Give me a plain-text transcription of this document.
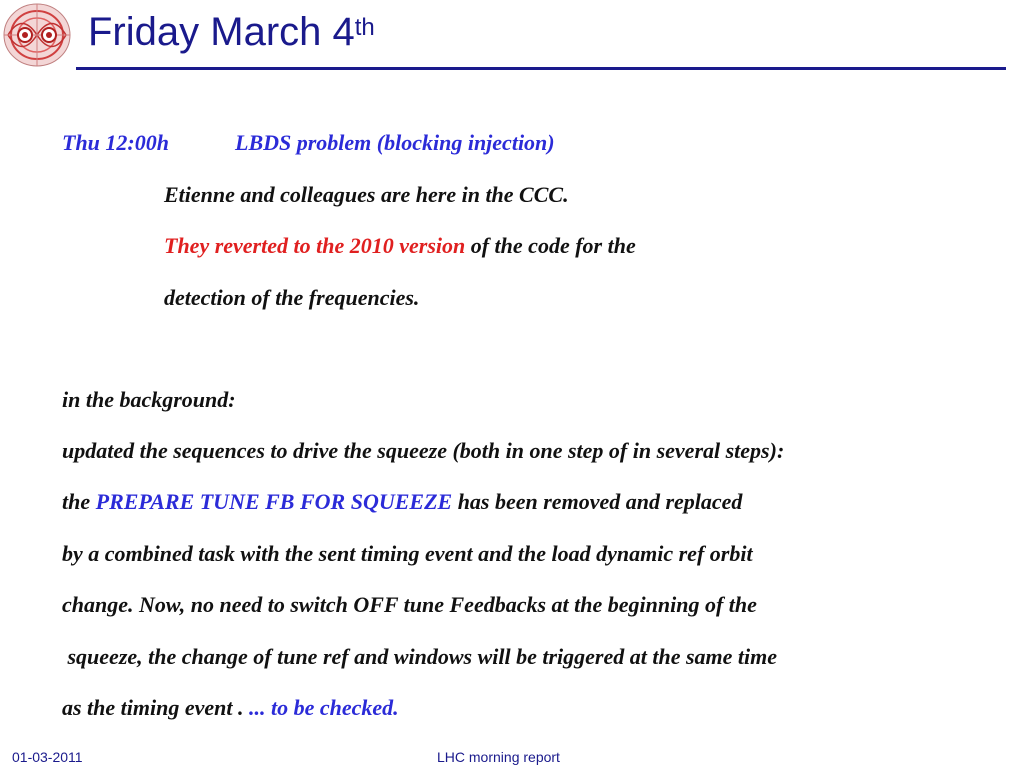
Friday March 4th
Thu 12:00h	LBDS problem (blocking injection)
Etienne and colleagues are here in the CCC.
They reverted to the 2010 version of the code for the
detection of the frequencies.
in the background:
updated the sequences to drive the squeeze (both in one step of in several steps):
the PREPARE TUNE FB FOR SQUEEZE has been removed and replaced
by a combined task with the sent timing event and the load dynamic ref orbit
change. Now, no need to switch OFF tune Feedbacks at the beginning of the
squeeze, the change of tune ref and windows will be triggered at the same time
as the timing event . ... to be checked.
01-03-2011	LHC morning report
